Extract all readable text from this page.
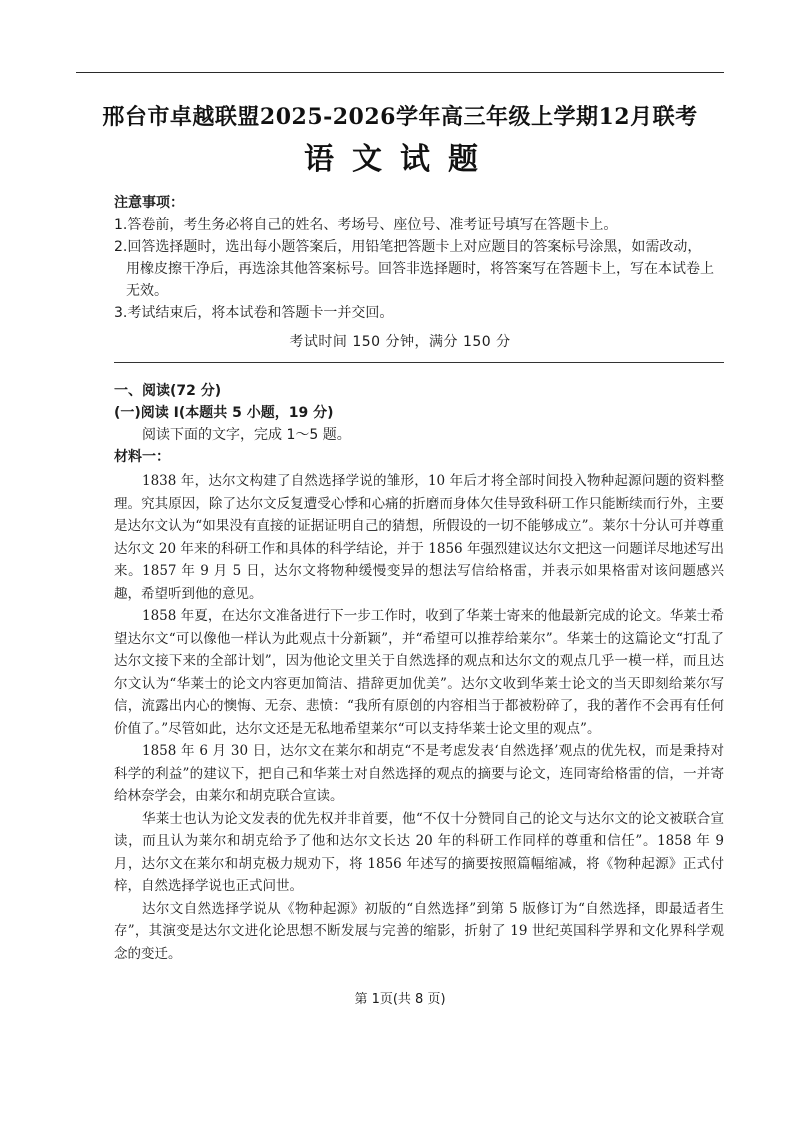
邢台市卓越联盟2025-2026学年高三年级上学期12月联考
语文试题
注意事项：
1.答卷前，考生务必将自己的姓名、考场号、座位号、准考证号填写在答题卡上。
2.回答选择题时，选出每小题答案后，用铅笔把答题卡上对应题目的答案标号涂黑，如需改动，用橡皮擦干净后，再选涂其他答案标号。回答非选择题时，将答案写在答题卡上，写在本试卷上无效。
3.考试结束后，将本试卷和答题卡一并交回。
考试时间 150 分钟，满分 150 分
一、阅读(72 分)
(一)阅读 Ⅰ(本题共 5 小题，19 分)
阅读下面的文字，完成 1～5 题。
材料一：

1838 年，达尔文构建了自然选择学说的雏形，10 年后才将全部时间投入物种起源问题的资料整理。究其原因，除了达尔文反复遭受心悸和心痛的折磨而身体欠佳导致科研工作只能断续而行外，主要是达尔文认为“如果没有直接的证据证明自己的猜想，所假设的一切不能够成立”。莱尔十分认可并尊重达尔文 20 年来的科研工作和具体的科学结论，并于 1856 年强烈建议达尔文把这一问题详尽地述写出来。1857 年 9 月 5 日，达尔文将物种缓慢变异的想法写信给格雷，并表示如果格雷对该问题感兴趣，希望听到他的意见。

1858 年夏，在达尔文准备进行下一步工作时，收到了华莱士寄来的他最新完成的论文。华莱士希望达尔文“可以像他一样认为此观点十分新颖”，并“希望可以推荐给莱尔”。华莱士的这篇论文“打乱了达尔文接下来的全部计划”，因为他论文里关于自然选择的观点和达尔文的观点几乎一模一样，而且达尔文认为“华莱士的论文内容更加简洁、措辞更加优美”。达尔文收到华莱士论文的当天即刻给莱尔写信，流露出内心的懊悔、无奈、悲愤：“我所有原创的内容相当于都被粉碎了，我的著作不会再有任何价值了。”尽管如此，达尔文还是无私地希望莱尔“可以支持华莱士论文里的观点”。

1858 年 6 月 30 日，达尔文在莱尔和胡克“不是考虑发表‘自然选择’观点的优先权，而是秉持对科学的利益”的建议下，把自己和华莱士对自然选择的观点的摘要与论文，连同寄给格雷的信，一并寄给林奈学会，由莱尔和胡克联合宣读。

华莱士也认为论文发表的优先权并非首要，他“不仅十分赞同自己的论文与达尔文的论文被联合宣读，而且认为莱尔和胡克给予了他和达尔文长达 20 年的科研工作同样的尊重和信任”。1858 年 9 月，达尔文在莱尔和胡克极力规劝下，将 1856 年述写的摘要按照篇幅缩减，将《物种起源》正式付梓，自然选择学说也正式问世。

达尔文自然选择学说从《物种起源》初版的“自然选择”到第 5 版修订为“自然选择，即最适者生存”，其演变是达尔文进化论思想不断发展与完善的缩影，折射了 19 世纪英国科学界和文化界科学观念的变迁。

第 1页(共 8 页)
